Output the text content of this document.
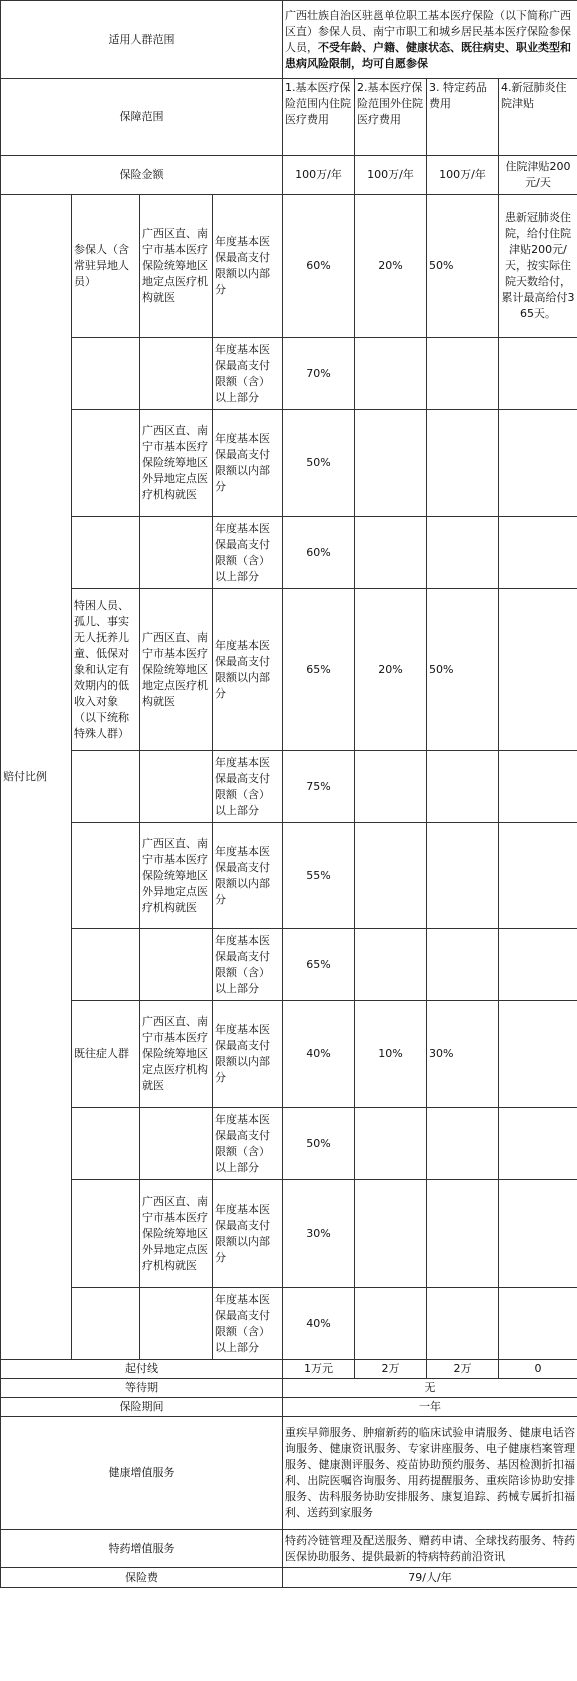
适用人群范围				广西壮族自治区驻邕单位职工基本医疗保险（以下简称广西区直）参保人员、南宁市职工和城乡居民基本医疗保险参保人员，不受年龄、户籍、健康状态、既往病史、职业类型和患病风险限制，均可自愿参保			
保障范围				1.基本医疗保险范围内住院医疗费用	2.基本医疗保险范围外住院医疗费用	3. 特定药品费用	4.新冠肺炎住院津贴
保险金额				100万/年	100万/年	100万/年	住院津贴200元/天
赔付比例	参保人（含常驻异地人员）	广西区直、南宁市基本医疗保险统筹地区地定点医疗机构就医	年度基本医保最高支付限额以内部分	60%	20%	50%	患新冠肺炎住院，给付住院津贴200元/天，按实际住院天数给付，累计最高给付365天。
			年度基本医保最高支付限额（含）以上部分	70%			
		广西区直、南宁市基本医疗保险统筹地区外异地定点医疗机构就医	年度基本医保最高支付限额以内部分	50%			
			年度基本医保最高支付限额（含）以上部分	60%			
	特困人员、孤儿、事实无人抚养儿童、低保对象和认定有效期内的低收入对象（以下统称特殊人群）	广西区直、南宁市基本医疗保险统筹地区地定点医疗机构就医	年度基本医保最高支付限额以内部分	65%	20%	50%	
			年度基本医保最高支付限额（含）以上部分	75%			
		广西区直、南宁市基本医疗保险统筹地区外异地定点医疗机构就医	年度基本医保最高支付限额以内部分	55%			
			年度基本医保最高支付限额（含）以上部分	65%			
	既往症人群	广西区直、南宁市基本医疗保险统筹地区定点医疗机构就医	年度基本医保最高支付限额以内部分	40%	10%	30%	
			年度基本医保最高支付限额（含）以上部分	50%			
		广西区直、南宁市基本医疗保险统筹地区外异地定点医疗机构就医	年度基本医保最高支付限额以内部分	30%			
			年度基本医保最高支付限额（含）以上部分	40%			
起付线				1万元	2万	2万	0
等待期				无			
保险期间				一年			
健康增值服务				重疾早筛服务、肿瘤新药的临床试验申请服务、健康电话咨询服务、健康资讯服务、专家讲座服务、电子健康档案管理服务、健康测评服务、疫苗协助预约服务、基因检测折扣福利、出院医嘱咨询服务、用药提醒服务、重疾陪诊协助安排服务、齿科服务协助安排服务、康复追踪、药械专属折扣福利、送药到家服务			
特药增值服务				特药冷链管理及配送服务、赠药申请、全球找药服务、特药医保协助服务、提供最新的特病特药前沿资讯			
保险费				79/人/年			
